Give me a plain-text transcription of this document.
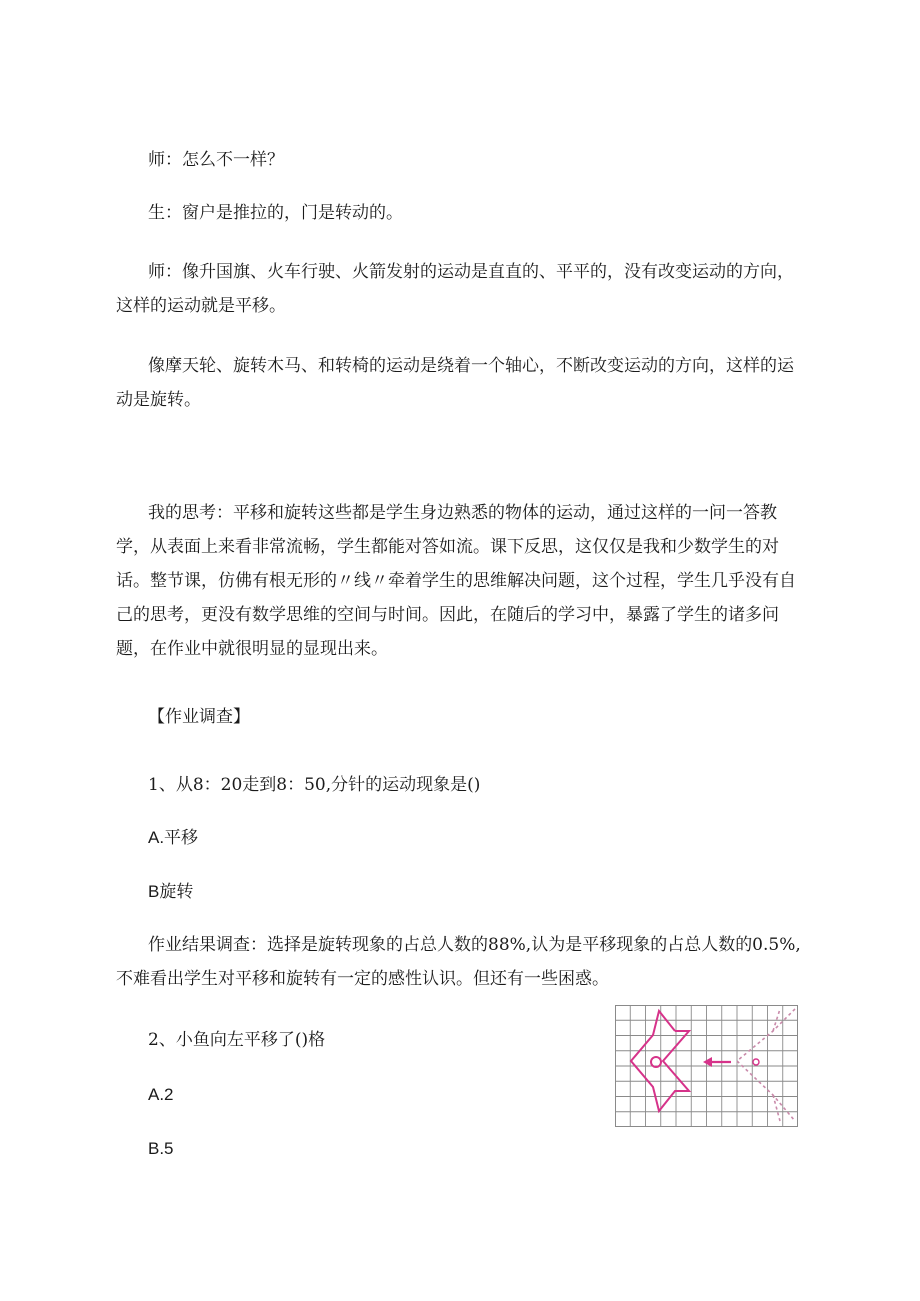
师：怎么不一样？

生：窗户是推拉的，门是转动的。

师：像升国旗、火车行驶、火箭发射的运动是直直的、平平的，没有改变运动的方向，这样的运动就是平移。

像摩天轮、旋转木马、和转椅的运动是绕着一个轴心，不断改变运动的方向，这样的运动是旋转。

我的思考：平移和旋转这些都是学生身边熟悉的物体的运动，通过这样的一问一答教学，从表面上来看非常流畅，学生都能对答如流。课下反思，这仅仅是我和少数学生的对话。整节课，仿佛有根无形的〃线〃牵着学生的思维解决问题，这个过程，学生几乎没有自己的思考，更没有数学思维的空间与时间。因此，在随后的学习中，暴露了学生的诸多问题，在作业中就很明显的显现出来。

【作业调查】

1、从8：20走到8：50,分针的运动现象是()

A.平移

B旋转

作业结果调查：选择是旋转现象的占总人数的88%,认为是平移现象的占总人数的0.5%,不难看出学生对平移和旋转有一定的感性认识。但还有一些困惑。

2、小鱼向左平移了()格

A.2

B.5
